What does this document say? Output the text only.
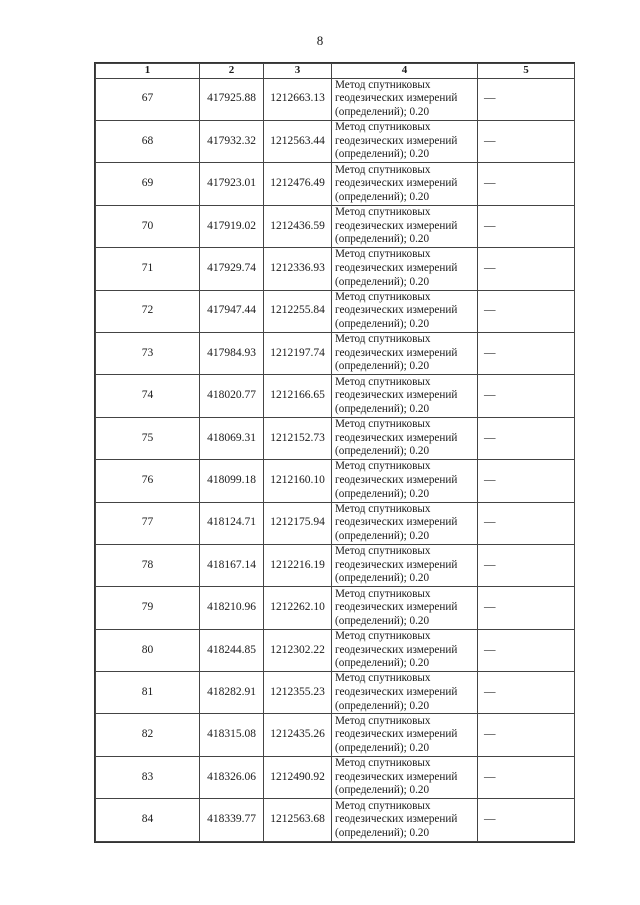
8
1	2	3	4	5
67	417925.88	1212663.13	Метод спутниковых
геодезических измерений
(определений); 0.20	—
68	417932.32	1212563.44	Метод спутниковых
геодезических измерений
(определений); 0.20	—
69	417923.01	1212476.49	Метод спутниковых
геодезических измерений
(определений); 0.20	—
70	417919.02	1212436.59	Метод спутниковых
геодезических измерений
(определений); 0.20	—
71	417929.74	1212336.93	Метод спутниковых
геодезических измерений
(определений); 0.20	—
72	417947.44	1212255.84	Метод спутниковых
геодезических измерений
(определений); 0.20	—
73	417984.93	1212197.74	Метод спутниковых
геодезических измерений
(определений); 0.20	—
74	418020.77	1212166.65	Метод спутниковых
геодезических измерений
(определений); 0.20	—
75	418069.31	1212152.73	Метод спутниковых
геодезических измерений
(определений); 0.20	—
76	418099.18	1212160.10	Метод спутниковых
геодезических измерений
(определений); 0.20	—
77	418124.71	1212175.94	Метод спутниковых
геодезических измерений
(определений); 0.20	—
78	418167.14	1212216.19	Метод спутниковых
геодезических измерений
(определений); 0.20	—
79	418210.96	1212262.10	Метод спутниковых
геодезических измерений
(определений); 0.20	—
80	418244.85	1212302.22	Метод спутниковых
геодезических измерений
(определений); 0.20	—
81	418282.91	1212355.23	Метод спутниковых
геодезических измерений
(определений); 0.20	—
82	418315.08	1212435.26	Метод спутниковых
геодезических измерений
(определений); 0.20	—
83	418326.06	1212490.92	Метод спутниковых
геодезических измерений
(определений); 0.20	—
84	418339.77	1212563.68	Метод спутниковых
геодезических измерений
(определений); 0.20	—
